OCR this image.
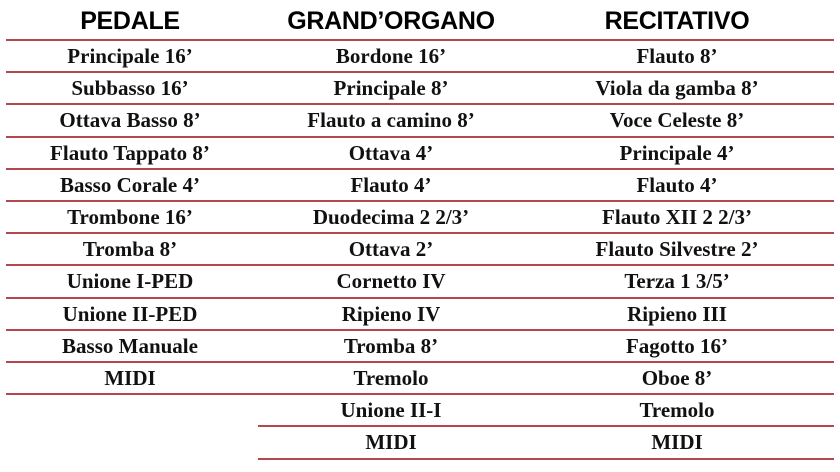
PEDALE	GRAND’ORGANO	RECITATIVO
Principale 16’
Subbasso 16’
Ottava Basso 8’
Flauto Tappato 8’
Basso Corale 4’
Trombone 16’
Tromba 8’
Unione I-PED
Unione II-PED
Basso Manuale
MIDI
Bordone 16’
Principale 8’
Flauto a camino 8’
Ottava 4’
Flauto 4’
Duodecima 2 2/3’
Ottava 2’
Cornetto IV
Ripieno IV
Tromba 8’
Tremolo
Unione II-I
MIDI
Flauto 8’
Viola da gamba 8’
Voce Celeste 8’
Principale 4’
Flauto 4’
Flauto XII 2 2/3’
Flauto Silvestre 2’
Terza 1 3/5’
Ripieno III
Fagotto 16’
Oboe 8’
Tremolo
MIDI
